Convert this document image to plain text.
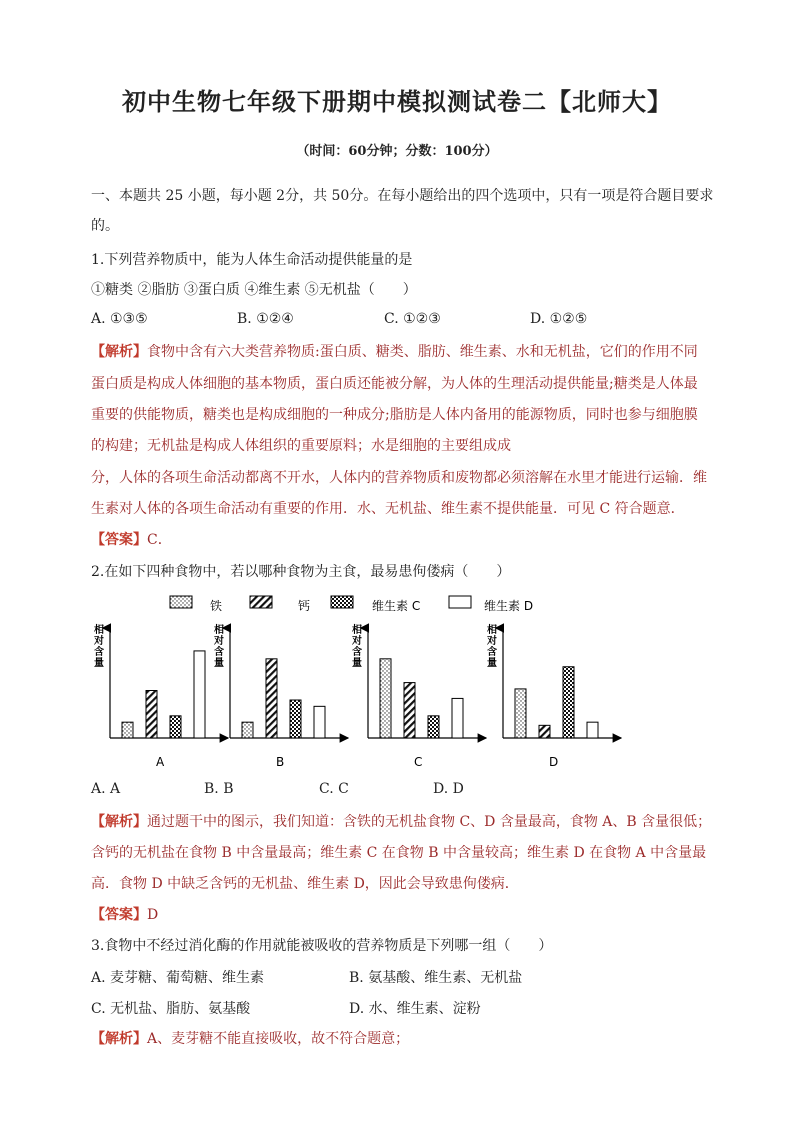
初中生物七年级下册期中模拟测试卷二【北师大】
（时间：60分钟；分数：100分）
一、本题共 25 小题，每小题 2分，共 50分。在每小题给出的四个选项中，只有一项是符合题目要求
的。
1.下列营养物质中，能为人体生命活动提供能量的是
①糖类 ②脂肪 ③蛋白质 ④维生素 ⑤无机盐（　　）
A. ①③⑤	B. ①②④	C. ①②③	D. ①②⑤
【解析】食物中含有六大类营养物质:蛋白质、糖类、脂肪、维生素、水和无机盐，它们的作用不同
蛋白质是构成人体细胞的基本物质，蛋白质还能被分解，为人体的生理活动提供能量;糖类是人体最
重要的供能物质，糖类也是构成细胞的一种成分;脂肪是人体内备用的能源物质，同时也参与细胞膜
的构建；无机盐是构成人体组织的重要原料；水是细胞的主要组成成
分，人体的各项生命活动都离不开水，人体内的营养物质和废物都必须溶解在水里才能进行运输．维
生素对人体的各项生命活动有重要的作用．水、无机盐、维生素不提供能量．可见 C 符合题意．
【答案】C．
2.在如下四种食物中，若以哪种食物为主食，最易患佝偻病（　　）
铁	钙	维生素 C	维生素 D
相
对
含
量
A
相
对
含
量
B
相
对
含
量
C
相
对
含
量
D
A. A	B. B	C. C	D. D
【解析】通过题干中的图示，我们知道：含铁的无机盐食物 C、D 含量最高，食物 A、B 含量很低；
含钙的无机盐在食物 B 中含量最高；维生素 C 在食物 B 中含量较高；维生素 D 在食物 A 中含量最
高．食物 D 中缺乏含钙的无机盐、维生素 D，因此会导致患佝偻病．
【答案】D
3.食物中不经过消化酶的作用就能被吸收的营养物质是下列哪一组（　　）
A. 麦芽糖、葡萄糖、维生素	B. 氨基酸、维生素、无机盐
C. 无机盐、脂肪、氨基酸	D. 水、维生素、淀粉
【解析】A、麦芽糖不能直接吸收，故不符合题意；
